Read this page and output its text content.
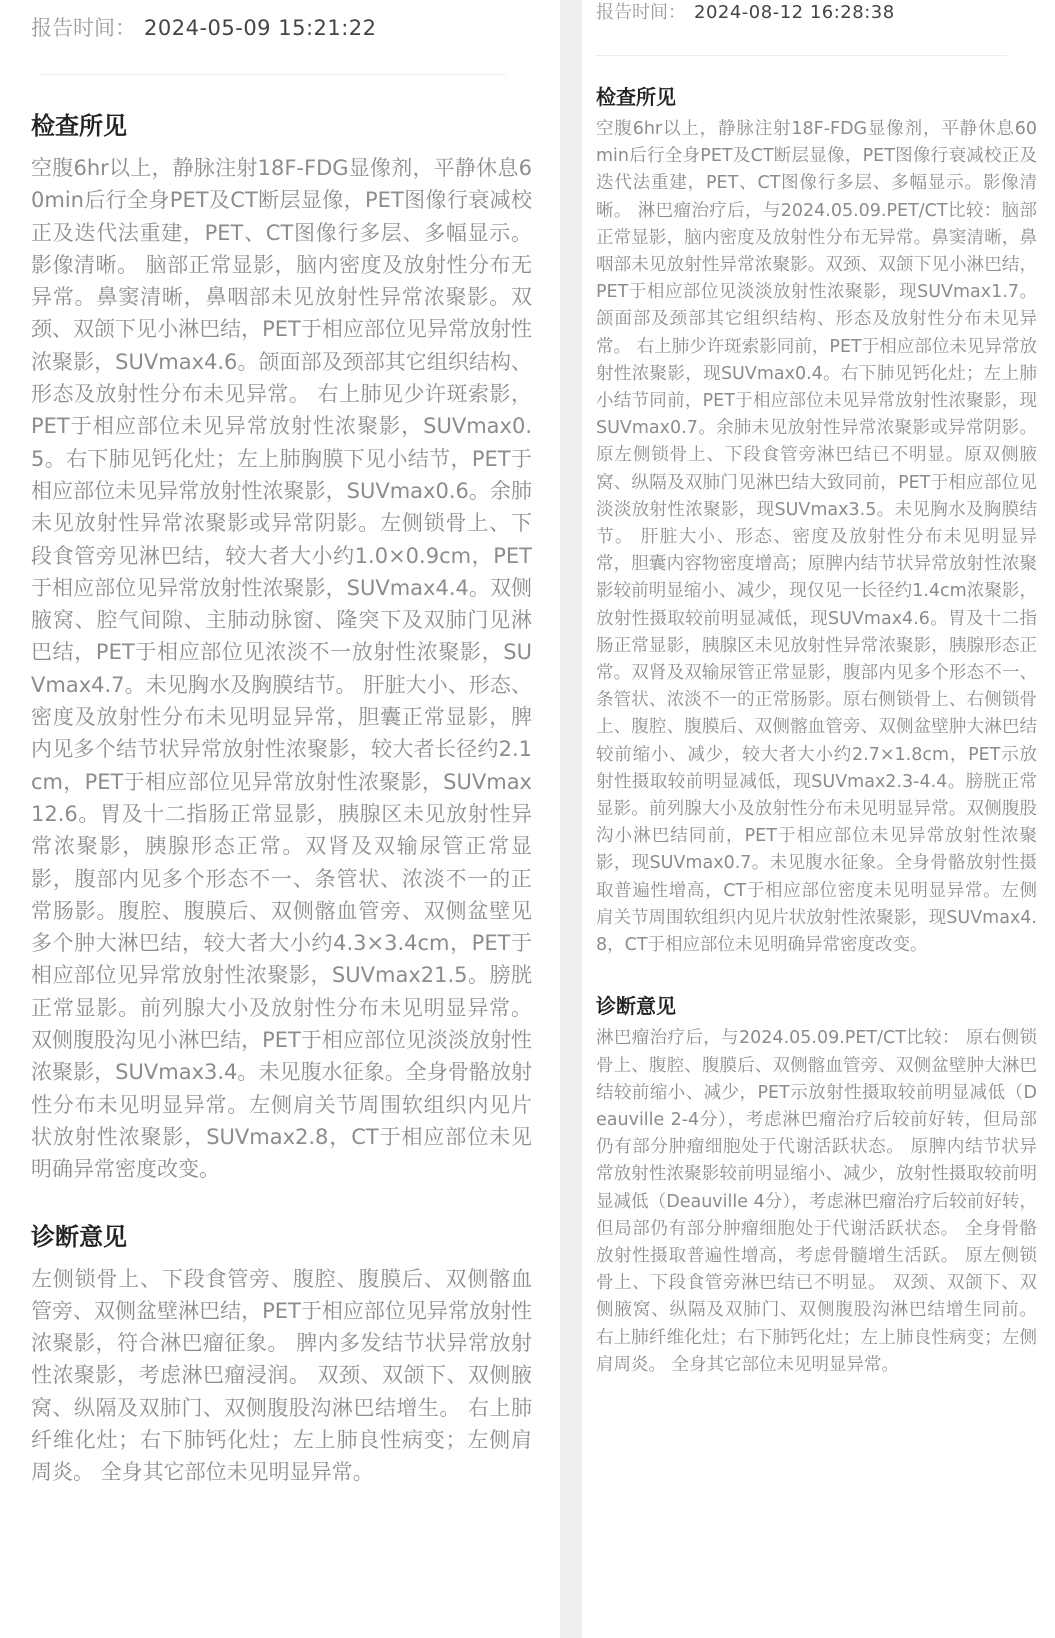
报告时间： 2024-05-09 15:21:22
检查所见
空腹6hr以上，静脉注射18F-FDG显像剂，平静休息60min后行全身PET及CT断层显像，PET图像行衰减校正及迭代法重建，PET、CT图像行多层、多幅显示。影像清晰。 脑部正常显影，脑内密度及放射性分布无异常。鼻窦清晰，鼻咽部未见放射性异常浓聚影。双颈、双颌下见小淋巴结，PET于相应部位见异常放射性浓聚影，SUVmax4.6。颌面部及颈部其它组织结构、形态及放射性分布未见异常。 右上肺见少许斑索影，PET于相应部位未见异常放射性浓聚影，SUVmax0.5。右下肺见钙化灶；左上肺胸膜下见小结节，PET于相应部位未见异常放射性浓聚影，SUVmax0.6。余肺未见放射性异常浓聚影或异常阴影。左侧锁骨上、下段食管旁见淋巴结，较大者大小约1.0×0.9cm，PET于相应部位见异常放射性浓聚影，SUVmax4.4。双侧腋窝、腔气间隙、主肺动脉窗、隆突下及双肺门见淋巴结，PET于相应部位见浓淡不一放射性浓聚影，SUVmax4.7。未见胸水及胸膜结节。 肝脏大小、形态、密度及放射性分布未见明显异常，胆囊正常显影，脾内见多个结节状异常放射性浓聚影，较大者长径约2.1cm，PET于相应部位见异常放射性浓聚影，SUVmax12.6。胃及十二指肠正常显影，胰腺区未见放射性异常浓聚影，胰腺形态正常。双肾及双输尿管正常显影，腹部内见多个形态不一、条管状、浓淡不一的正常肠影。腹腔、腹膜后、双侧髂血管旁、双侧盆壁见多个肿大淋巴结，较大者大小约4.3×3.4cm，PET于相应部位见异常放射性浓聚影，SUVmax21.5。膀胱正常显影。前列腺大小及放射性分布未见明显异常。双侧腹股沟见小淋巴结，PET于相应部位见淡淡放射性浓聚影，SUVmax3.4。未见腹水征象。全身骨骼放射性分布未见明显异常。左侧肩关节周围软组织内见片状放射性浓聚影，SUVmax2.8，CT于相应部位未见明确异常密度改变。
诊断意见
左侧锁骨上、下段食管旁、腹腔、腹膜后、双侧髂血管旁、双侧盆壁淋巴结，PET于相应部位见异常放射性浓聚影，符合淋巴瘤征象。 脾内多发结节状异常放射性浓聚影，考虑淋巴瘤浸润。 双颈、双颌下、双侧腋窝、纵隔及双肺门、双侧腹股沟淋巴结增生。 右上肺纤维化灶；右下肺钙化灶；左上肺良性病变；左侧肩周炎。 全身其它部位未见明显异常。
报告时间： 2024-08-12 16:28:38
检查所见
空腹6hr以上，静脉注射18F-FDG显像剂，平静休息60min后行全身PET及CT断层显像，PET图像行衰减校正及迭代法重建，PET、CT图像行多层、多幅显示。影像清晰。 淋巴瘤治疗后，与2024.05.09.PET/CT比较：脑部正常显影，脑内密度及放射性分布无异常。鼻窦清晰，鼻咽部未见放射性异常浓聚影。双颈、双颌下见小淋巴结，PET于相应部位见淡淡放射性浓聚影，现SUVmax1.7。颌面部及颈部其它组织结构、形态及放射性分布未见异常。 右上肺少许斑索影同前，PET于相应部位未见异常放射性浓聚影，现SUVmax0.4。右下肺见钙化灶；左上肺小结节同前，PET于相应部位未见异常放射性浓聚影，现SUVmax0.7。余肺未见放射性异常浓聚影或异常阴影。原左侧锁骨上、下段食管旁淋巴结已不明显。原双侧腋窝、纵隔及双肺门见淋巴结大致同前，PET于相应部位见淡淡放射性浓聚影，现SUVmax3.5。未见胸水及胸膜结节。 肝脏大小、形态、密度及放射性分布未见明显异常，胆囊内容物密度增高；原脾内结节状异常放射性浓聚影较前明显缩小、减少，现仅见一长径约1.4cm浓聚影，放射性摄取较前明显减低，现SUVmax4.6。胃及十二指肠正常显影，胰腺区未见放射性异常浓聚影，胰腺形态正常。双肾及双输尿管正常显影，腹部内见多个形态不一、条管状、浓淡不一的正常肠影。原右侧锁骨上、右侧锁骨上、腹腔、腹膜后、双侧髂血管旁、双侧盆壁肿大淋巴结较前缩小、减少，较大者大小约2.7×1.8cm，PET示放射性摄取较前明显减低，现SUVmax2.3-4.4。膀胱正常显影。前列腺大小及放射性分布未见明显异常。双侧腹股沟小淋巴结同前，PET于相应部位未见异常放射性浓聚影，现SUVmax0.7。未见腹水征象。全身骨骼放射性摄取普遍性增高，CT于相应部位密度未见明显异常。左侧肩关节周围软组织内见片状放射性浓聚影，现SUVmax4.8，CT于相应部位未见明确异常密度改变。
诊断意见
淋巴瘤治疗后，与2024.05.09.PET/CT比较： 原右侧锁骨上、腹腔、腹膜后、双侧髂血管旁、双侧盆壁肿大淋巴结较前缩小、减少，PET示放射性摄取较前明显减低（Deauville 2-4分），考虑淋巴瘤治疗后较前好转，但局部仍有部分肿瘤细胞处于代谢活跃状态。 原脾内结节状异常放射性浓聚影较前明显缩小、减少，放射性摄取较前明显减低（Deauville 4分），考虑淋巴瘤治疗后较前好转，但局部仍有部分肿瘤细胞处于代谢活跃状态。 全身骨骼放射性摄取普遍性增高，考虑骨髓增生活跃。 原左侧锁骨上、下段食管旁淋巴结已不明显。 双颈、双颌下、双侧腋窝、纵隔及双肺门、双侧腹股沟淋巴结增生同前。 右上肺纤维化灶；右下肺钙化灶；左上肺良性病变；左侧肩周炎。 全身其它部位未见明显异常。
